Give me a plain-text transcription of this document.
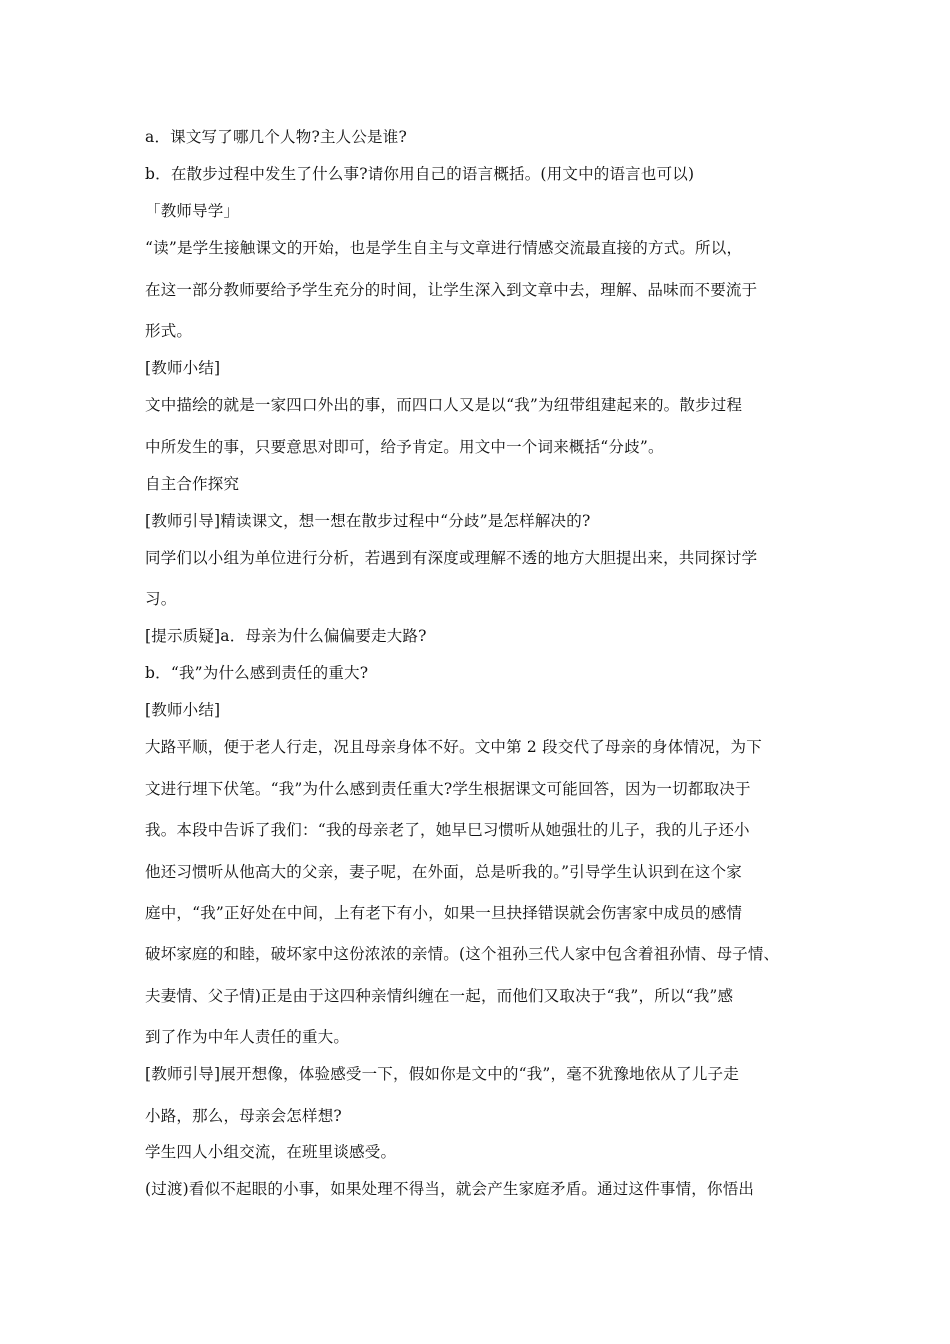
a．课文写了哪几个人物?主人公是谁?
b．在散步过程中发生了什么事?请你用自己的语言概括。(用文中的语言也可以)
「教师导学」
“读”是学生接触课文的开始，也是学生自主与文章进行情感交流最直接的方式。所以，
在这一部分教师要给予学生充分的时间，让学生深入到文章中去，理解、品味而不要流于
形式。
[教师小结]
文中描绘的就是一家四口外出的事，而四口人又是以“我”为纽带组建起来的。散步过程
中所发生的事，只要意思对即可，给予肯定。用文中一个词来概括“分歧”。
自主合作探究
[教师引导]精读课文，想一想在散步过程中“分歧”是怎样解决的?
同学们以小组为单位进行分析，若遇到有深度或理解不透的地方大胆提出来，共同探讨学
习。
[提示质疑]a．母亲为什么偏偏要走大路?
b．“我”为什么感到责任的重大?
[教师小结]
大路平顺，便于老人行走，况且母亲身体不好。文中第 2 段交代了母亲的身体情况，为下
文进行埋下伏笔。“我”为什么感到责任重大?学生根据课文可能回答，因为一切都取决于
我。本段中告诉了我们：“我的母亲老了，她早巳习惯听从她强壮的儿子，我的儿子还小
他还习惯听从他高大的父亲，妻子呢，在外面，总是听我的。”引导学生认识到在这个家
庭中，“我”正好处在中间，上有老下有小，如果一旦抉择错误就会伤害家中成员的感情
破坏家庭的和睦，破坏家中这份浓浓的亲情。(这个祖孙三代人家中包含着祖孙情、母子情、
夫妻情、父子情)正是由于这四种亲情纠缠在一起，而他们又取决于“我”，所以“我”感
到了作为中年人责任的重大。
[教师引导]展开想像，体验感受一下，假如你是文中的“我”，毫不犹豫地依从了儿子走
小路，那么，母亲会怎样想?
学生四人小组交流，在班里谈感受。
(过渡)看似不起眼的小事，如果处理不得当，就会产生家庭矛盾。通过这件事情，你悟出
